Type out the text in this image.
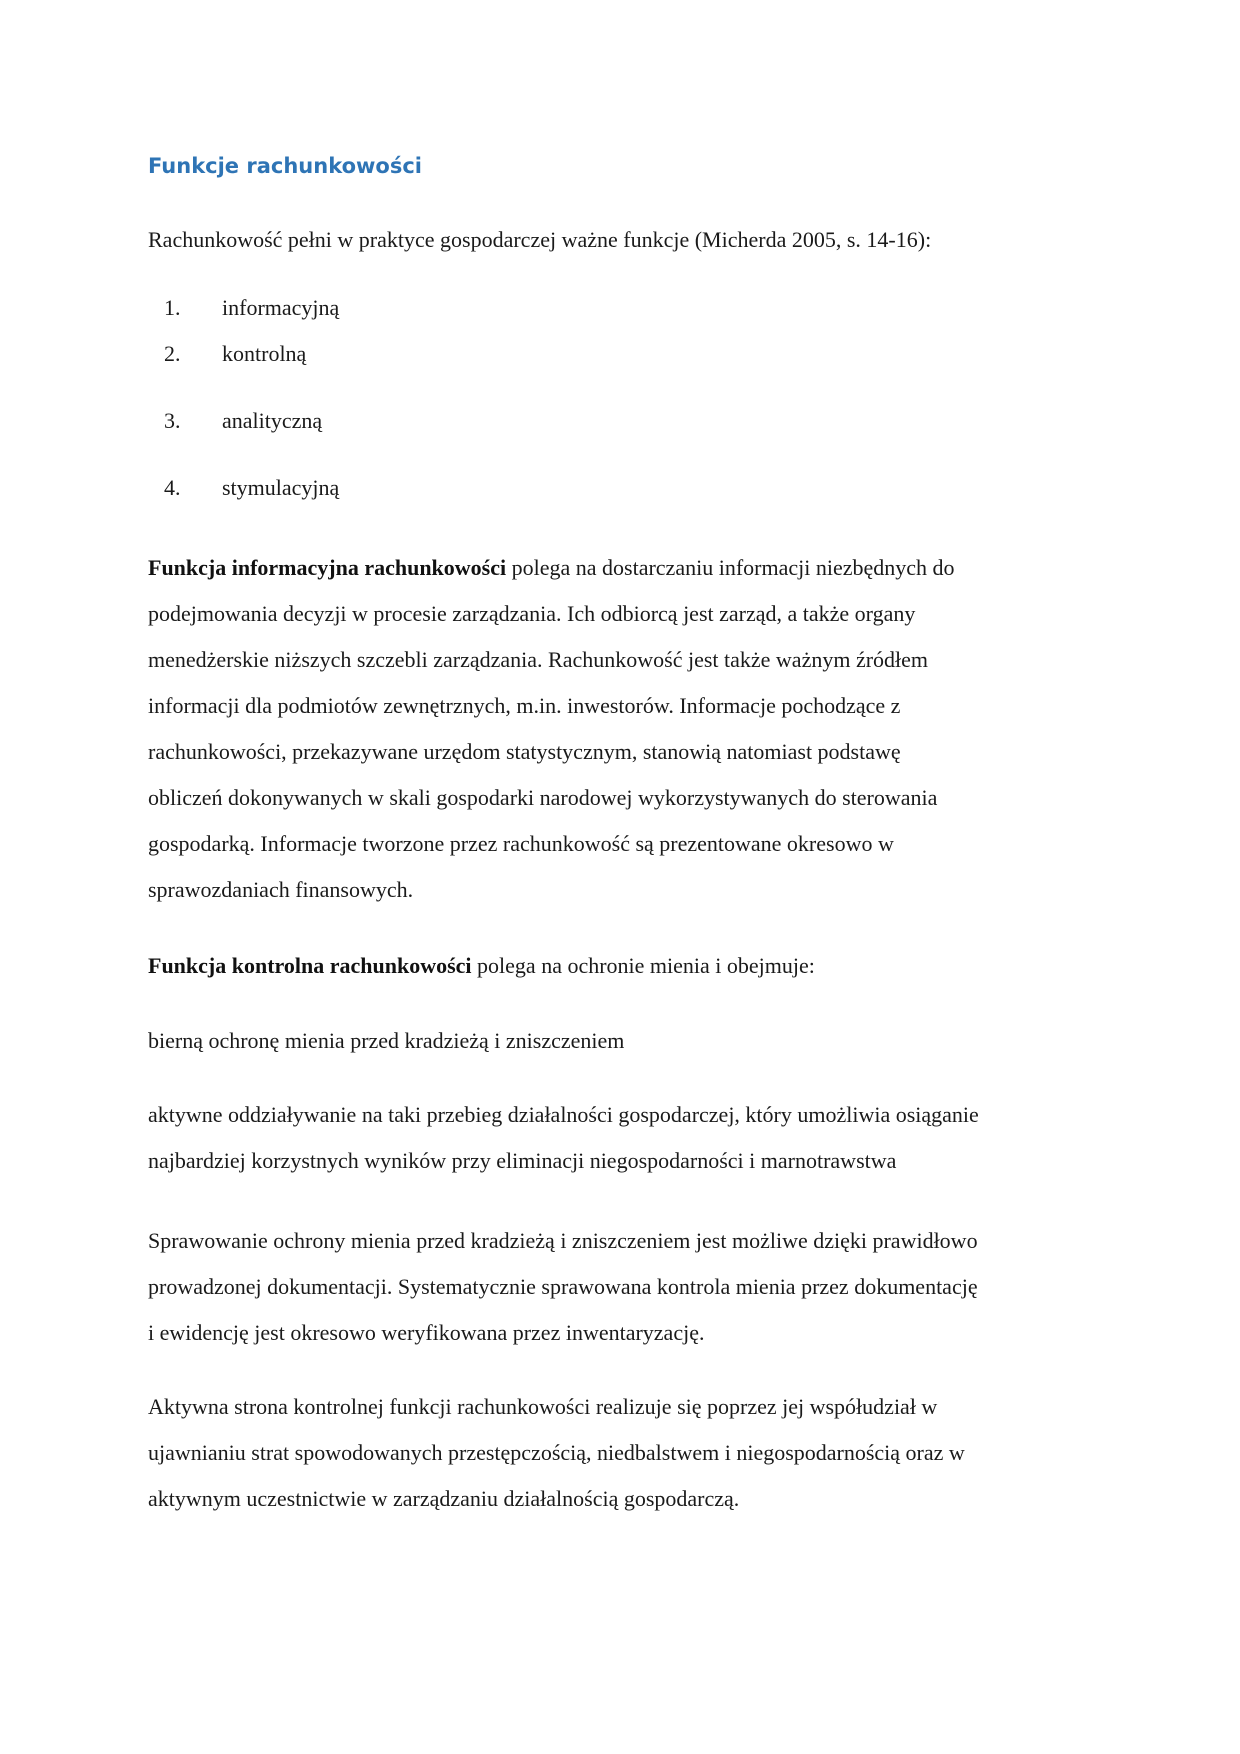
Funkcje rachunkowości

Rachunkowość pełni w praktyce gospodarczej ważne funkcje (Micherda 2005, s. 14-16):

1.	informacyjną
2.	kontrolną
3.	analityczną
4.	stymulacyjną
Funkcja informacyjna rachunkowości polega na dostarczaniu informacji niezbędnych do
podejmowania decyzji w procesie zarządzania. Ich odbiorcą jest zarząd, a także organy
menedżerskie niższych szczebli zarządzania. Rachunkowość jest także ważnym źródłem
informacji dla podmiotów zewnętrznych, m.in. inwestorów. Informacje pochodzące z
rachunkowości, przekazywane urzędom statystycznym, stanowią natomiast podstawę
obliczeń dokonywanych w skali gospodarki narodowej wykorzystywanych do sterowania
gospodarką. Informacje tworzone przez rachunkowość są prezentowane okresowo w
sprawozdaniach finansowych.

Funkcja kontrolna rachunkowości polega na ochronie mienia i obejmuje:

bierną ochronę mienia przed kradzieżą i zniszczeniem

aktywne oddziaływanie na taki przebieg działalności gospodarczej, który umożliwia osiąganie
najbardziej korzystnych wyników przy eliminacji niegospodarności i marnotrawstwa
Sprawowanie ochrony mienia przed kradzieżą i zniszczeniem jest możliwe dzięki prawidłowo
prowadzonej dokumentacji. Systematycznie sprawowana kontrola mienia przez dokumentację
i ewidencję jest okresowo weryfikowana przez inwentaryzację.
Aktywna strona kontrolnej funkcji rachunkowości realizuje się poprzez jej współudział w
ujawnianiu strat spowodowanych przestępczością, niedbalstwem i niegospodarnością oraz w
aktywnym uczestnictwie w zarządzaniu działalnością gospodarczą.
